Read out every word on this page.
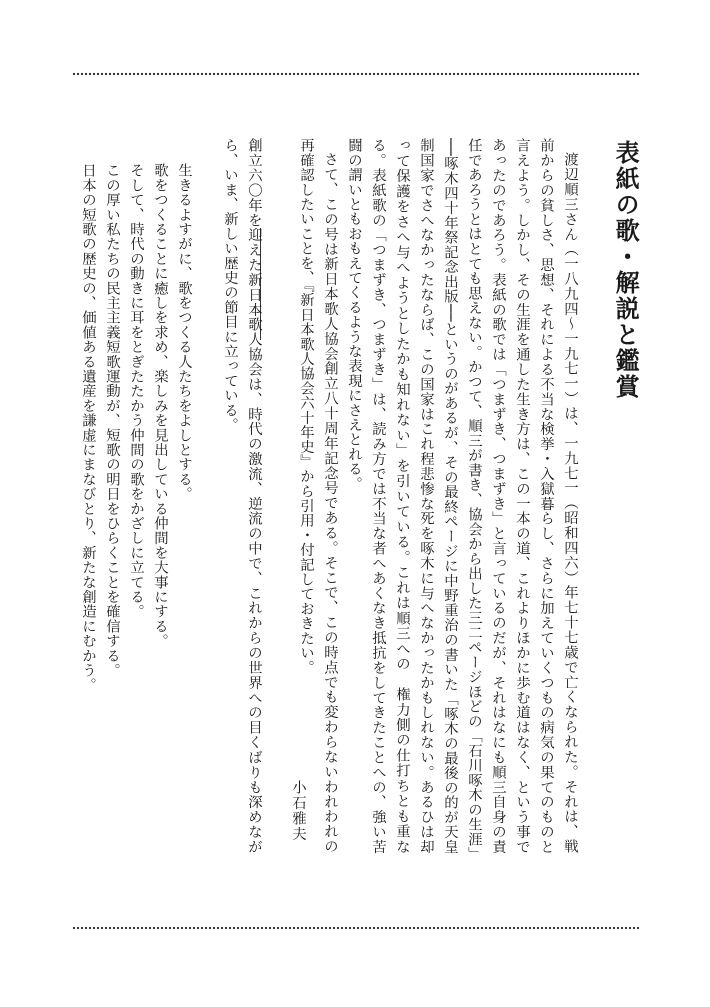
表紙の歌・解説と鑑賞

渡辺順三さん（一八九四〜一九七一）は、一九七一（昭和四六）年七十七歳で亡くなられた。それは、戦前からの貧しさ、思想、それによる不当な検挙・入獄暮らし、さらに加えていくつもの病気の果てのものと言えよう。しかし、その生涯を通した生き方は、この一本の道、これよりほかに歩む道はなく、という事であったのであろう。表紙の歌では「つまずき、つまずき」と言っているのだが、それはなにも順三自身の責任であろうとはとても思えない。かつて、順三が書き、協会から出した三二ページほどの「石川啄木の生涯」──啄木四十年祭記念出版──というのがあるが、その最終ページに中野重治の書いた「啄木の最後の的が天皇制国家でさへなかったならば、この国家はこれ程悲惨な死を啄木に与へなかったかもしれない。あるひは却って保護をさへ与へようとしたかも知れない」を引いている。これは順三への　権力側の仕打ちとも重なる。表紙歌の「つまずき、つまずき」は、読み方では不当な者へあくなき抵抗をしてきたことへの、強い苦闘の謂いともおもえてくるような表現にさえとれる。

さて、この号は新日本歌人協会創立八十周年記念号である。そこで、この時点でも変わらないわれわれの再確認したいことを、『新日本歌人協会六十年史』から引用・付記しておきたい。

小石雅夫
創立六〇年を迎えた新日本歌人協会は、時代の激流、逆流の中で、これからの世界への目くばりも深めながら、いま、新しい歴史の節目に立っている。
生きるよすがに、歌をつくる人たちをよしとする。
歌をつくることに癒しを求め、楽しみを見出している仲間を大事にする。
そして、時代の動きに耳をとぎたたかう仲間の歌をかざしに立てる。
この厚い私たちの民主主義短歌運動が、短歌の明日をひらくことを確信する。
日本の短歌の歴史の、価値ある遺産を謙虚にまなびとり、新たな創造にむかう。
